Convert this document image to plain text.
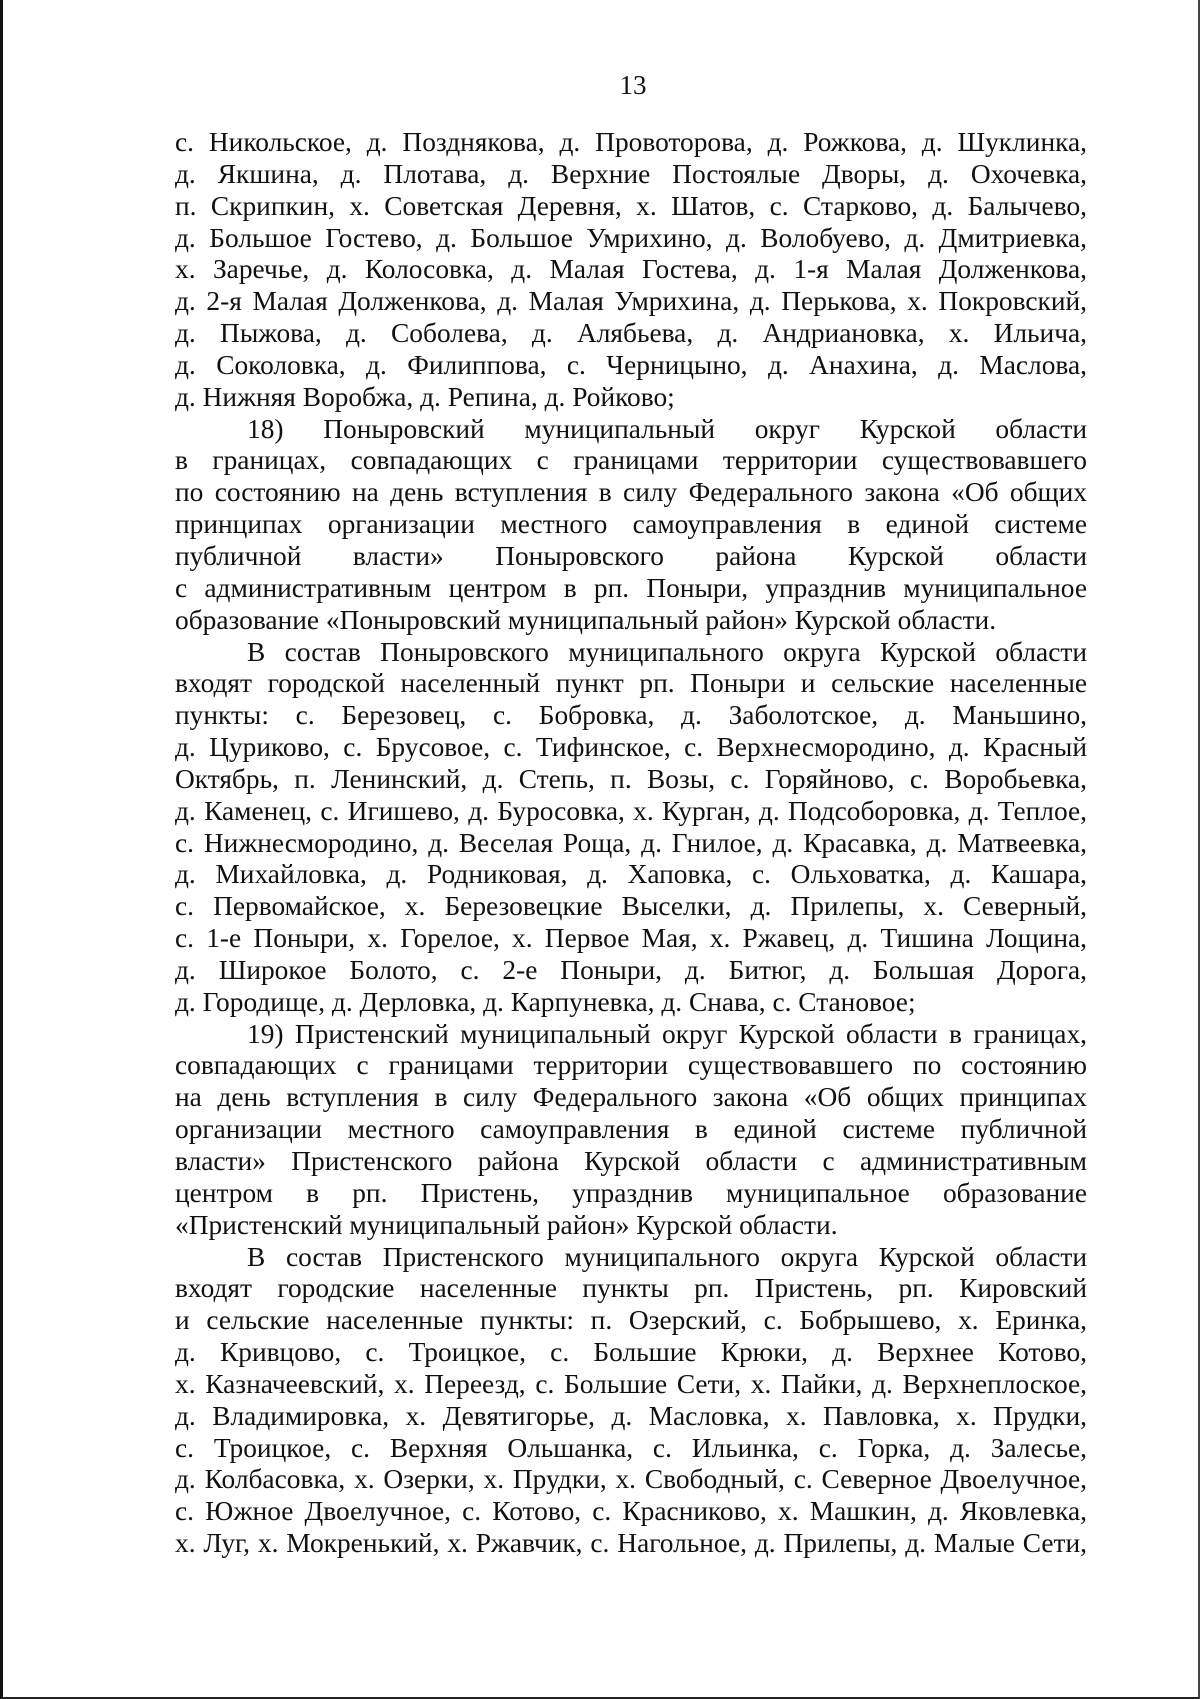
13
с. Никольское, д. Позднякова, д. Провоторова, д. Рожкова, д. Шуклинка,
д. Якшина, д. Плотава, д. Верхние Постоялые Дворы, д. Охочевка,
п. Скрипкин, х. Советская Деревня, х. Шатов, с. Старково, д. Балычево,
д. Большое Гостево, д. Большое Умрихино, д. Волобуево, д. Дмитриевка,
х. Заречье, д. Колосовка, д. Малая Гостева, д. 1-я Малая Долженкова,
д. 2-я Малая Долженкова, д. Малая Умрихина, д. Перькова, х. Покровский,
д. Пыжова, д. Соболева, д. Алябьева, д. Андриановка, х. Ильича,
д. Соколовка, д. Филиппова, с. Черницыно, д. Анахина, д. Маслова,
д. Нижняя Воробжа, д. Репина, д. Ройково;
18) Поныровский муниципальный округ Курской области
в границах, совпадающих с границами территории существовавшего
по состоянию на день вступления в силу Федерального закона «Об общих
принципах организации местного самоуправления в единой системе
публичной власти» Поныровского района Курской области
с административным центром в рп. Поныри, упразднив муниципальное
образование «Поныровский муниципальный район» Курской области.
В состав Поныровского муниципального округа Курской области
входят городской населенный пункт рп. Поныри и сельские населенные
пункты: с. Березовец, с. Бобровка, д. Заболотское, д. Маньшино,
д. Цуриково, с. Брусовое, с. Тифинское, с. Верхнесмородино, д. Красный
Октябрь, п. Ленинский, д. Степь, п. Возы, с. Горяйново, с. Воробьевка,
д. Каменец, с. Игишево, д. Буросовка, х. Курган, д. Подсоборовка, д. Теплое,
с. Нижнесмородино, д. Веселая Роща, д. Гнилое, д. Красавка, д. Матвеевка,
д. Михайловка, д. Родниковая, д. Хаповка, с. Ольховатка, д. Кашара,
с. Первомайское, х. Березовецкие Выселки, д. Прилепы, х. Северный,
с. 1-е Поныри, х. Горелое, х. Первое Мая, х. Ржавец, д. Тишина Лощина,
д. Широкое Болото, с. 2-е Поныри, д. Битюг, д. Большая Дорога,
д. Городище, д. Дерловка, д. Карпуневка, д. Снава, с. Становое;
19) Пристенский муниципальный округ Курской области в границах,
совпадающих с границами территории существовавшего по состоянию
на день вступления в силу Федерального закона «Об общих принципах
организации местного самоуправления в единой системе публичной
власти» Пристенского района Курской области с административным
центром в рп. Пристень, упразднив муниципальное образование
«Пристенский муниципальный район» Курской области.
В состав Пристенского муниципального округа Курской области
входят городские населенные пункты рп. Пристень, рп. Кировский
и сельские населенные пункты: п. Озерский, с. Бобрышево, х. Еринка,
д. Кривцово, с. Троицкое, с. Большие Крюки, д. Верхнее Котово,
х. Казначеевский, х. Переезд, с. Большие Сети, х. Пайки, д. Верхнеплоское,
д. Владимировка, х. Девятигорье, д. Масловка, х. Павловка, х. Прудки,
с. Троицкое, с. Верхняя Ольшанка, с. Ильинка, с. Горка, д. Залесье,
д. Колбасовка, х. Озерки, х. Прудки, х. Свободный, с. Северное Двоелучное,
с. Южное Двоелучное, с. Котово, с. Красниково, х. Машкин, д. Яковлевка,
х. Луг, х. Мокренький, х. Ржавчик, с. Нагольное, д. Прилепы, д. Малые Сети,
